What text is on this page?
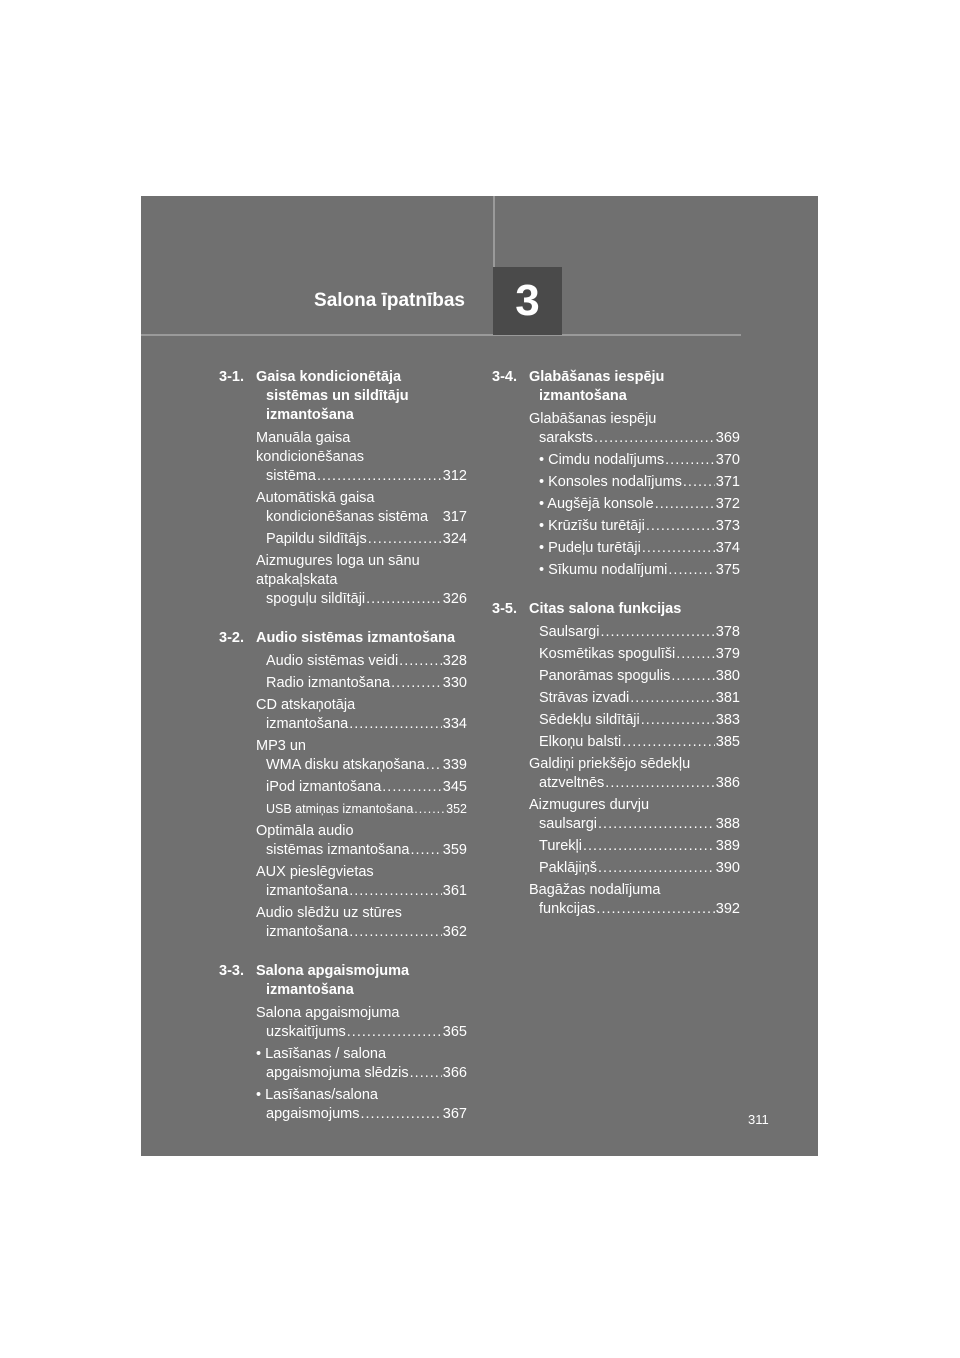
Salona īpatnības	3
3-1. Gaisa kondicionētāja sistēmas un sildītāju izmantošana
Manuāla gaisa
kondicionēšanas
sistēma .....	312
Automātiskā gaisa
kondicionēšanas sistēma 317
Papildu sildītājs .....	324
Aizmugures loga un sānu
atpakaļskata
spoguļu sildītāji .....	326
3-2. Audio sistēmas izmantošana
Audio sistēmas veidi .....	328
Radio izmantošana .....	330
CD atskaņotāja
izmantošana .....	334
MP3 un
WMA disku atskaņošana ..... 339
iPod izmantošana .....	345
USB atmiņas izmantošana .....	352
Optimāla audio
sistēmas izmantošana ..... 359
AUX pieslēgvietas
izmantošana .....	361
Audio slēdžu uz stūres
izmantošana .....	362
3-3. Salona apgaismojuma izmantošana
Salona apgaismojuma
uzskaitījums .....	365
• Lasīšanas / salona
apgaismojuma slēdzis ..... 366
• Lasīšanas/salona
apgaismojums .....	367
3-4. Glabāšanas iespēju izmantošana
Glabāšanas iespēju
saraksts .....	369
• Cimdu nodalījums .....	370
• Konsoles nodalījums ..... 371
• Augšējā konsole .....	372
• Krūzīšu turētāji .....	373
• Pudeļu turētāji .....	374
• Sīkumu nodalījumi .....	375
3-5. Citas salona funkcijas
Saulsargi .....	378
Kosmētikas spogulīši .....	379
Panorāmas spogulis .....	380
Strāvas izvadi .....	381
Sēdekļu sildītāji .....	383
Elkoņu balsti .....	385
Galdiņi priekšējo sēdekļu
atzveltnēs .....	386
Aizmugures durvju
saulsargi .....	388
Turekļi .....	389
Paklājiņš .....	390
Bagāžas nodalījuma
funkcijas .....	392
311
